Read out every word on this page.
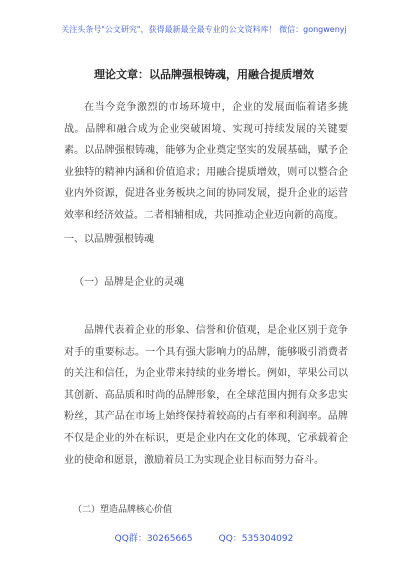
关注头条号"公文研究"，获得最新最全最专业的公文资料库！ 微信：gongwenyj
理论文章：以品牌强根铸魂，用融合提质增效
在当今竞争激烈的市场环境中，企业的发展面临着诸多挑战。品牌和融合成为企业突破困境、实现可持续发展的关键要素。以品牌强根铸魂，能够为企业奠定坚实的发展基础，赋予企业独特的精神内涵和价值追求；用融合提质增效，则可以整合企业内外资源，促进各业务板块之间的协同发展，提升企业的运营效率和经济效益。二者相辅相成，共同推动企业迈向新的高度。
一、以品牌强根铸魂
（一）品牌是企业的灵魂
品牌代表着企业的形象、信誉和价值观，是企业区别于竞争对手的重要标志。一个具有强大影响力的品牌，能够吸引消费者的关注和信任，为企业带来持续的业务增长。例如，苹果公司以其创新、高品质和时尚的品牌形象，在全球范围内拥有众多忠实粉丝，其产品在市场上始终保持着较高的占有率和利润率。品牌不仅是企业的外在标识，更是企业内在文化的体现，它承载着企业的使命和愿景，激励着员工为实现企业目标而努力奋斗。
（二）塑造品牌核心价值
QQ群：30265665	QQ：535304092
